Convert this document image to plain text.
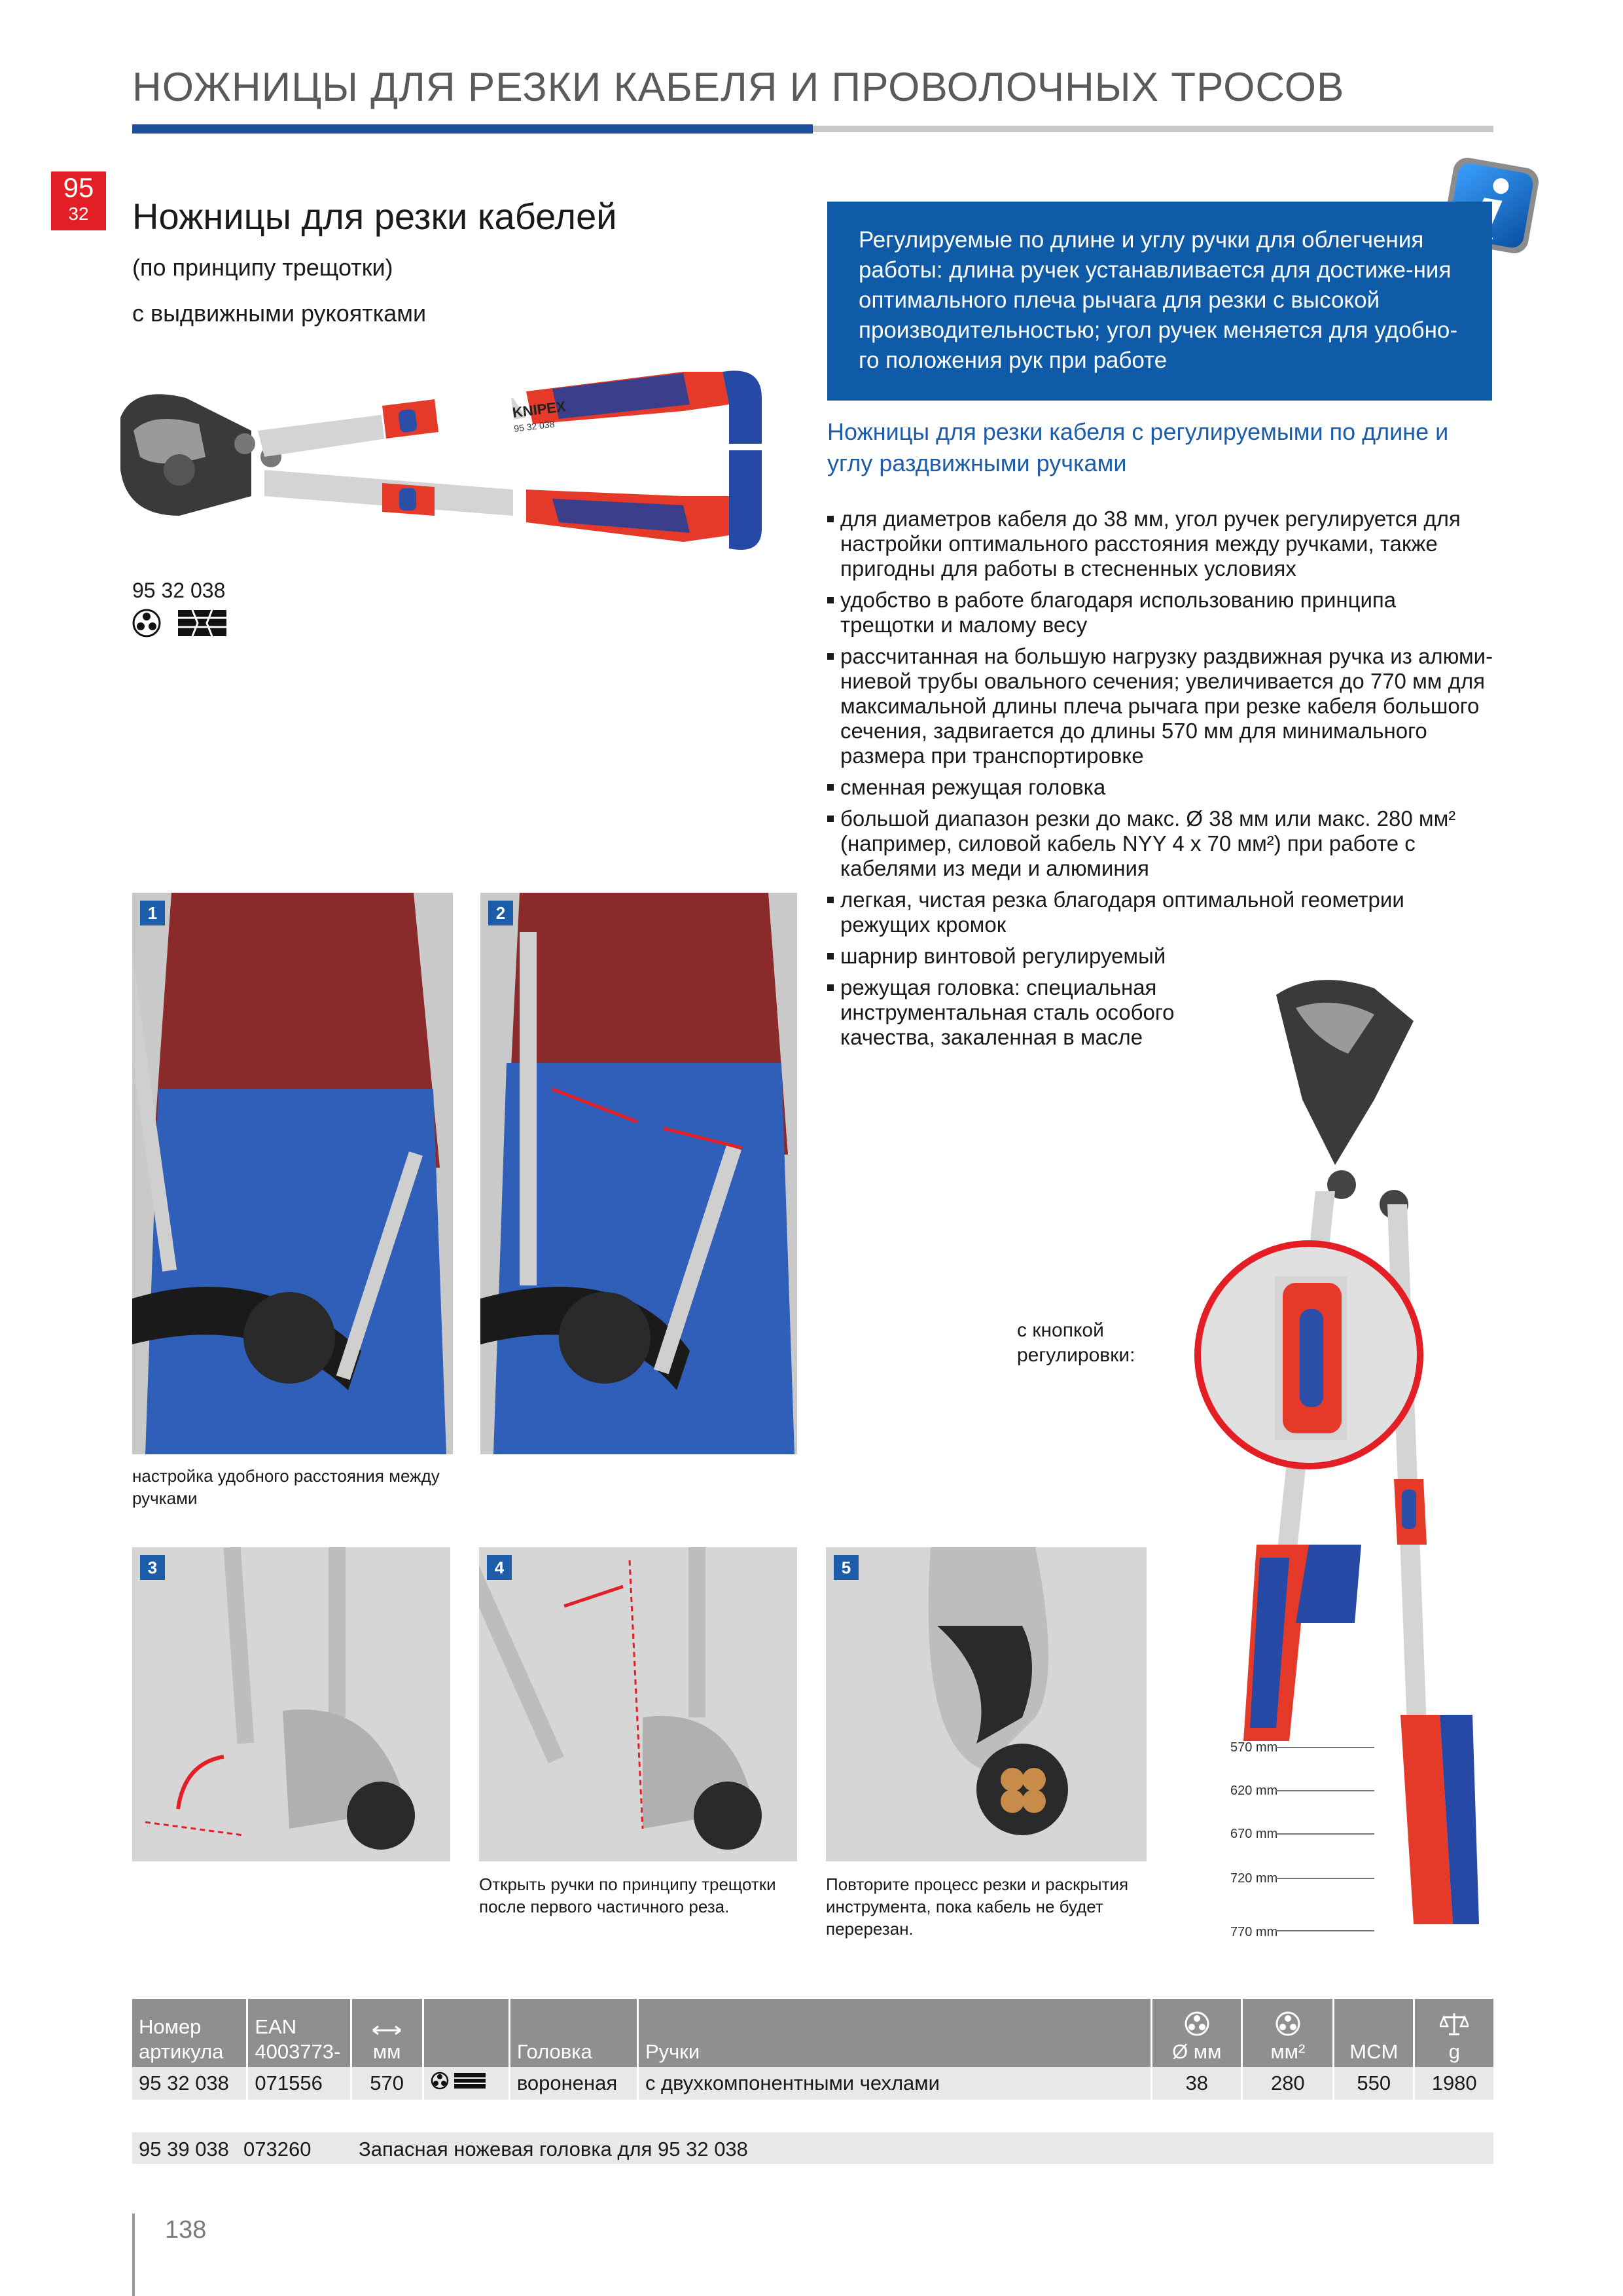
НОЖНИЦЫ ДЛЯ РЕЗКИ КАБЕЛЯ И ПРОВОЛОЧНЫХ ТРОСОВ
95
32	Ножницы для резки кабелей
(по принципу трещотки)
с выдвижными рукоятками
Регулируемые по длине и углу ручки для облегчения работы: длина ручек устанавливается для достиже-ния оптимального плеча рычага для резки с высокой производительностью; угол ручек меняется для удобно-го положения рук при работе
KNIPEX
95 32 038
95 32 038
Ножницы для резки кабеля с регулируемыми по длине и углу раздвижными ручками
для диаметров кабеля до 38 мм, угол ручек регулируется для настройки оптимального расстояния между ручками, также пригодны для работы в стесненных условиях
удобство в работе благодаря использованию принципа трещотки и малому весу
рассчитанная на большую нагрузку раздвижная ручка из алюми-ниевой трубы овального сечения; увеличивается до 770 мм для максимальной длины плеча рычага при резке кабеля большого сечения, задвигается до длины 570 мм для минимального размера при транспортировке
сменная режущая головка
большой диапазон резки до макс. Ø 38 мм или макс. 280 мм² (например, силовой кабель NYY 4 x 70 мм²) при работе с кабелями из меди и алюминия
легкая, чистая резка благодаря оптимальной геометрии режущих кромок
шарнир винтовой регулируемый
режущая головка: специальная инструментальная сталь особого качества, закаленная в масле
1	2
настройка удобного расстояния между ручками
3	4	5
Открыть ручки по принципу трещотки после первого частичного реза.
Повторите процесс резки и раскрытия инструмента, пока кабель не будет перерезан.
570 mm
620 mm
670 mm
720 mm
770 mm
с кнопкой регулировки:
Номер артикула	EAN 4003773-	мм		Головка	Ручки	Ø мм	мм²	MCM	g
95 32 038	071556	570		вороненая	с двухкомпонентными чехлами	38	280	550	1980
95 39 038 073260 Запасная ножевая головка для 95 32 038
138
